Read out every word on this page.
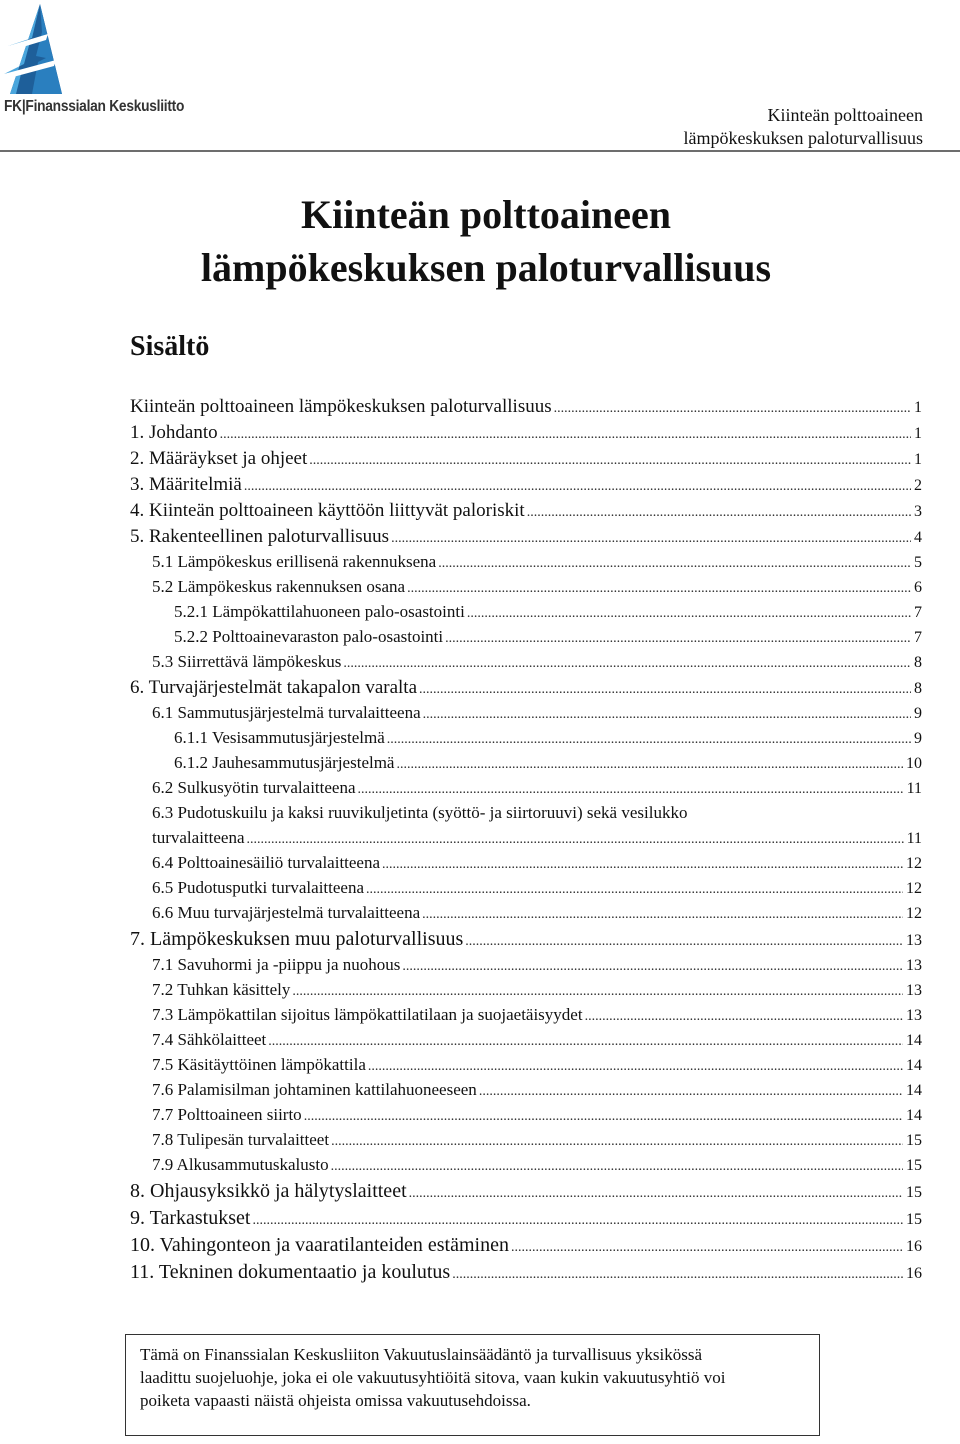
FK|Finanssialan Keskusliitto	Kiinteän polttoaineen
lämpökeskuksen paloturvallisuus
Kiinteän polttoaineen
lämpökeskuksen paloturvallisuus
Sisältö
Kiinteän polttoaineen lämpökeskuksen paloturvallisuus .....	1
1. Johdanto .....	1
2. Määräykset ja ohjeet .....	1
3. Määritelmiä .....	2
4. Kiinteän polttoaineen käyttöön liittyvät paloriskit .....	3
5. Rakenteellinen paloturvallisuus .....	4
5.1 Lämpökeskus erillisenä rakennuksena .....	5
5.2 Lämpökeskus rakennuksen osana .....	6
5.2.1 Lämpökattilahuoneen palo-osastointi .....	7
5.2.2 Polttoainevaraston palo-osastointi .....	7
5.3 Siirrettävä lämpökeskus .....	8
6. Turvajärjestelmät takapalon varalta .....	8
6.1 Sammutusjärjestelmä turvalaitteena .....	9
6.1.1 Vesisammutusjärjestelmä .....	9
6.1.2 Jauhesammutusjärjestelmä .....	10
6.2 Sulkusyötin turvalaitteena .....	11
6.3 Pudotuskuilu ja kaksi ruuvikuljetinta (syöttö- ja siirtoruuvi) sekä vesilukko
turvalaitteena .....	11
6.4 Polttoainesäiliö turvalaitteena .....	12
6.5 Pudotusputki turvalaitteena .....	12
6.6 Muu turvajärjestelmä turvalaitteena .....	12
7. Lämpökeskuksen muu paloturvallisuus .....	13
7.1 Savuhormi ja -piippu ja nuohous .....	13
7.2 Tuhkan käsittely .....	13
7.3 Lämpökattilan sijoitus lämpökattilatilaan ja suojaetäisyydet .....	13
7.4 Sähkölaitteet .....	14
7.5 Käsitäyttöinen lämpökattila .....	14
7.6 Palamisilman johtaminen kattilahuoneeseen .....	14
7.7 Polttoaineen siirto .....	14
7.8 Tulipesän turvalaitteet .....	15
7.9 Alkusammutuskalusto .....	15
8. Ohjausyksikkö ja hälytyslaitteet .....	15
9. Tarkastukset .....	15
10. Vahingonteon ja vaaratilanteiden estäminen .....	16
11. Tekninen dokumentaatio ja koulutus .....	16
Tämä on Finanssialan Keskusliiton Vakuutuslainsäädäntö ja turvallisuus yksikössä
laadittu suojeluohje, joka ei ole vakuutusyhtiöitä sitova, vaan kukin vakuutusyhtiö voi
poiketa vapaasti näistä ohjeista omissa vakuutusehdoissa.
